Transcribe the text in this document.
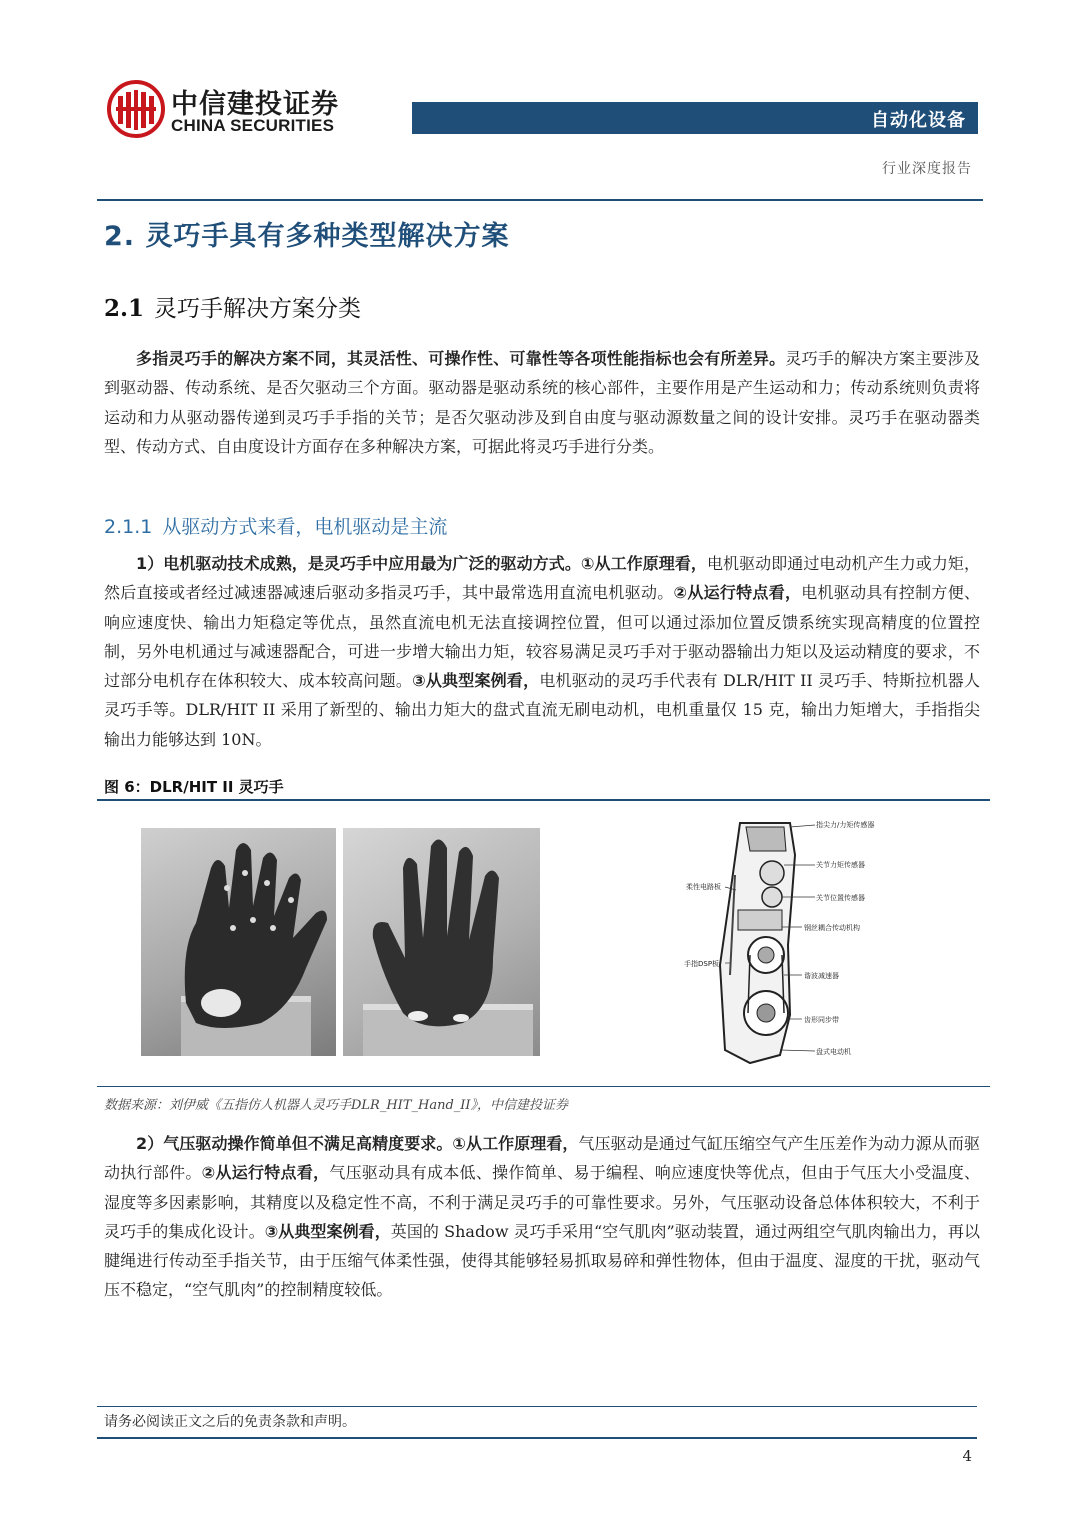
中信建投证券
CHINA SECURITIES	自动化设备
行业深度报告
2. 灵巧手具有多种类型解决方案
2.1 灵巧手解决方案分类

多指灵巧手的解决方案不同，其灵活性、可操作性、可靠性等各项性能指标也会有所差异。灵巧手的解决方案主要涉及到驱动器、传动系统、是否欠驱动三个方面。驱动器是驱动系统的核心部件，主要作用是产生运动和力；传动系统则负责将运动和力从驱动器传递到灵巧手手指的关节；是否欠驱动涉及到自由度与驱动源数量之间的设计安排。灵巧手在驱动器类型、传动方式、自由度设计方面存在多种解决方案，可据此将灵巧手进行分类。

2.1.1 从驱动方式来看，电机驱动是主流

1）电机驱动技术成熟，是灵巧手中应用最为广泛的驱动方式。①从工作原理看，电机驱动即通过电动机产生力或力矩，然后直接或者经过减速器减速后驱动多指灵巧手，其中最常选用直流电机驱动。②从运行特点看，电机驱动具有控制方便、响应速度快、输出力矩稳定等优点，虽然直流电机无法直接调控位置，但可以通过添加位置反馈系统实现高精度的位置控制，另外电机通过与减速器配合，可进一步增大输出力矩，较容易满足灵巧手对于驱动器输出力矩以及运动精度的要求，不过部分电机存在体积较大、成本较高问题。③从典型案例看，电机驱动的灵巧手代表有 DLR/HIT II 灵巧手、特斯拉机器人灵巧手等。DLR/HIT II 采用了新型的、输出力矩大的盘式直流无刷电动机，电机重量仅 15 克，输出力矩增大，手指指尖输出力能够达到 10N。

图 6：DLR/HIT II 灵巧手
指尖力/力矩传感器
关节力矩传感器
柔性电路板
关节位置传感器
钢丝耦合传动机构
手指DSP板
谐波减速器
齿形同步带
盘式电动机
数据来源：刘伊威《五指仿人机器人灵巧手DLR_HIT_Hand_II》，中信建投证券

2）气压驱动操作简单但不满足高精度要求。①从工作原理看，气压驱动是通过气缸压缩空气产生压差作为动力源从而驱动执行部件。②从运行特点看，气压驱动具有成本低、操作简单、易于编程、响应速度快等优点，但由于气压大小受温度、湿度等多因素影响，其精度以及稳定性不高，不利于满足灵巧手的可靠性要求。另外，气压驱动设备总体体积较大，不利于灵巧手的集成化设计。③从典型案例看，英国的 Shadow 灵巧手采用“空气肌肉”驱动装置，通过两组空气肌肉输出力，再以腱绳进行传动至手指关节，由于压缩气体柔性强，使得其能够轻易抓取易碎和弹性物体，但由于温度、湿度的干扰，驱动气压不稳定，“空气肌肉”的控制精度较低。

请务必阅读正文之后的免责条款和声明。
4
